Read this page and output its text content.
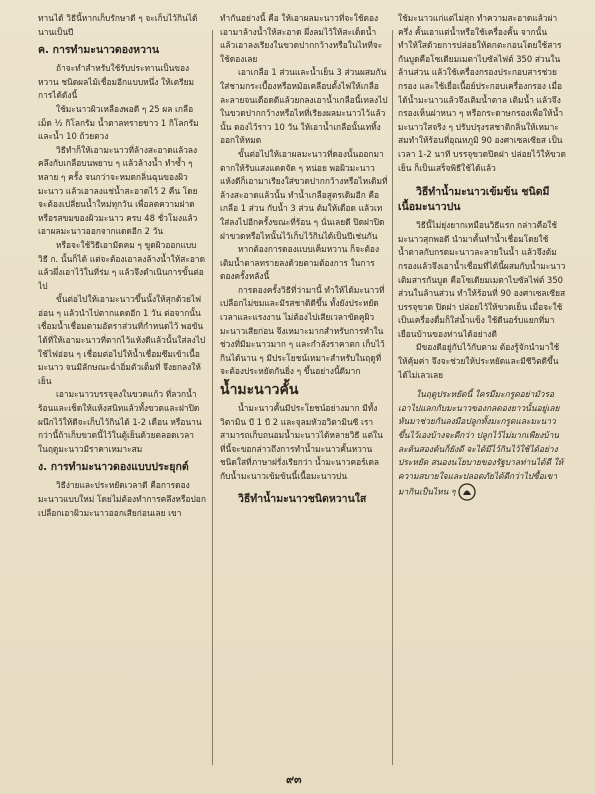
ทานได้ วิธีนี้หากเก็บรักษาดี ๆ จะเก็บไว้กินได้นานเป็นปี

ค. การทำมะนาวดองหวาน

ถ้าจะทำสำหรับใช้รับประทานเป็นของหวาน ชนิดผลไม้เชื่อมอีกแบบหนึ่ง ให้เตรียมการได้ดังนี้

ใช้มะนาวผิวเหลืองพอดี ๆ 25 ผล เกลือเม็ด ½ กิโลกรัม น้ำตาลทรายขาว 1 กิโลกรัม และน้ำ 10 ถ้วยตวง

วิธีทำก็ให้เอามะนาวที่ล้างสะอาดแล้วลงคลึงกับเกลือบนพยาบ ๆ แล้วล้างน้ำ ทำซ้ำ ๆ หลาย ๆ ครั้ง จนกว่าจะหมดกลิ่นฉุนของผิวมะนาว แล้วเอาลงแช่น้ำสะอาดไว้ 2 คืน โดยจะต้องเปลี่ยนน้ำใหม่ทุกวัน เพื่อลดความฝาดหรือรสขมของผิวมะนาว ครบ 48 ชั่วโมงแล้ว เอาผลมะนาวออกจากแดดอีก 2 วัน

หรือจะใช้วิธีเอามีดคม ๆ ขูดผิวออกแบบวิธี ก. นั้นก็ได้ แต่จะต้องเอาลงล้างน้ำให้สะอาด แล้วผึ่งเอาไว้ในที่ร่ม ๆ แล้วจึงดำเนินการขั้นต่อไป

ขั้นต่อไปให้เอามะนาวขึ้นนั้งให้สุกด้วยไฟอ่อน ๆ แล้วนำไปตากแดดอีก 1 วัน ต่อจากนั้นเชื่อมน้ำเชื่อมตามอัตราส่วนที่กำหนดไว้ พอขันได้ที่ให้เอามะนาวที่ตากไว้แห้งดีแล้วนั้นใส่ลงไป ใช้ไฟอ่อน ๆ เชื่อมต่อไปให้น้ำเชื่อมซึมเข้าเนื้อมะนาว จนมีลักษณะฉ่ำอิ่มตัวเต็มที่ จึงยกลงให้เย็น

เอามะนาวบรรจุลงในขวดแก้ว ที่ลวกน้ำร้อนและเช็ดให้แห้งสนิทแล้วทั้งขวดและฝาปิด ผนึกไว้ให้ดีจะเก็บไว้กินได้ 1-2 เดือน หรือนานกว่านี้ถ้าเก็บขวดนี้ไว้ในตู้เย็นด้วยตลอดเวลา ในฤดูมะนาวมีราคาเหมาะสม

ง. การทำมะนาวดองแบบประยุกต์

วิธีง่ายและประหยัดเวลาดี คือการดองมะนาวแบบใหม่ โดยไม่ต้องทำการคลึงหรือปอกเปลือกเอาผิวมะนาวออกเสียก่อนเลย เขา

ทำกันอย่างนี้ คือ ให้เอาผลมะนาวที่จะใช้ดองเอามาล้างน้ำให้สะอาด ผึ่งลมไว้ให้สะเด็ดน้ำ แล้วเอาลงเรียงในขวดปากกว้างหรือในไหที่จะใช้ดองเลย

เอาเกลือ 1 ส่วนและน้ำเย็น 3 ส่วนผสมกัน ใส่ชามกระเบื้องหรือหม้อเคลือบตั้งไฟให้เกลือละลายจนเดือดดีแล้วยกลงเอาน้ำเกลือนี้เทลงไปในขวดปากกว้างหรือไหที่เรียงผลมะนาวไว้แล้วนั้น ดองไว้ราว 10 วัน ให้เอาน้ำเกลือนั้นเททิ้งออกให้หมด

ขั้นต่อไปให้เอาผลมะนาวที่ดองนั้นออกมาตากให้รับแสงแดดจัด ๆ หน่อย พอผิวมะนาวแห้งดีก็เอามาเรียงใส่ขวดปากกว้างหรือไหเดิมที่ล้างสะอาดแล้วนั้น ทำน้ำเกลือสูตรเดิมอีก คือ เกลือ 1 ส่วน กับน้ำ 3 ส่วน ต้มให้เดือด แล้วเทใส่ลงไปอีกครั้งขณะที่ร้อน ๆ นั่นเลยดี ปิดฝาปิดฝาขวดหรือไหนั้นไว้เก็บไว้กินได้เป็นปีเช่นกัน

หากต้องการดองแบบเค็มหวาน ก็จะต้องเติมน้ำตาลทรายลงด้วยตามต้องการ ในการดองครั้งหลังนี้

การดองครั้งวิธีที่ว่ามานี้ ทำให้ได้มะนาวที่เปลือกไม่ขมและมีรสชาติดีขึ้น ทั้งยังประหยัดเวลาและแรงงาน ไม่ต้องไปเสียเวลาขัดคูผิวมะนาวเสียก่อน จึงเหมาะมากสำหรับการทำในช่วงที่มีมะนาวมาก ๆ และกำลังราคาตก เก็บไว้กินได้นาน ๆ มีประโยชน์เหมาะสำหรับในฤดูที่จะต้องประหยัดกันยิ่ง ๆ ขึ้นอย่างนี้ดีมาก

น้ำมะนาวคั้น

น้ำมะนาวคั้นมีประโยชน์อย่างมาก มีทั้งวิตามิน บี 1 บี 2 และจุลมหัวอวิตามินซี เราสามารถเก็บถนอมน้ำมะนาวได้หลายวิธี แต่ในที่นี้จะขอกล่าวถึงการทำน้ำมะนาวคั้นหวานชนิดใสที่ภาษาฝรั่งเรียกว่า น้ำมะนาวคอร์เดล กับน้ำมะนาวเข้มข้นนี้เนื้อมะนาวปน

วิธีทำน้ำมะนาวชนิดหวานใส

ใช้มะนาวแก่แต่ไม่สุก ทำความสะอาดแล้วผ่าครึ่ง คั้นเอาแต่น้ำหรือใช้เครื่องคั้น จากนั้นทำให้ใสด้วยการปล่อยให้ตกตะกอนโดยใช้สารกันบูดคือโซเดียมเมตาไบซัลไฟต์ 350 ส่วนในล้านส่วน แล้วใช้เครื่องกรองประกอบสารช่วยกรอง และใช้เยื่อเนื้อย์ประกอบเครื่องกรอง เมื่อได้น้ำมะนาวแล้วจึงเติมน้ำตาล เติมน้ำ แล้วจึงกรองเห็นฝาหนา ๆ หรือกระดาษกรองเพื่อให้น้ำมะนาวใสจริง ๆ ปรับปรุงรสชาติกลิ่นให้เหมาะสมทำให้ร้อนที่อุณหภูมิ 90 องศาเซลเซียส เป็นเวลา 1-2 นาที บรรจุขวดปิดฝา ปล่อยไว้ให้ขวดเย็น ก็เป็นเสร็จพิธีใช้ได้แล้ว

วิธีทำน้ำมะนาวเข้มข้น ชนิดมีเนื้อมะนาวปน

วิธีนี้ไม่ยุ่งยากเหมือนวิธีแรก กล่าวคือใช้มะนาวสุกพอดี นำมาคั้นทำน้ำเชื่อมโดยใช้น้ำตาลกับกรดมะนาวละลายในน้ำ แล้วจึงต้ม กรองแล้วจึงเอาน้ำเชื่อมที่ได้นี้ผสมกับน้ำมะนาว เติมสารกันบูด คือโซเดียมเมตาไบซัลไฟต์ 350 ส่วนในล้านส่วน ทำให้ร้อนที่ 90 องศาเซลเซียส บรรจุขวด ปิดฝา ปล่อยไว้ให้ขวดเย็น เมื่อจะใช้เป็นเครื่องดื่มก็ใส่น้ำแข็ง ใช้ดีนอร์บแยกที่มาเยือนบ้านของท่านได้อย่างดี

มีของดีอยู่กับไว้กับตาม ต้องรู้จักนำมาใช้ให้คุ้มค่า จึงจะช่วยให้ประหยัดและมีชีวิตดีขึ้นได้ไม่เลวเลย

ในฤดูประหยัดนี้ ใครมีมะกรูดอย่ามัวรอเอาไปแลกกับมะนาวของกลดองยาวนั้นอยู่เลย หันมาช่วยกันลงมือปลูกทั้งมะกรูดและมะนาวขึ้นไว้เองบ้างจะดีกว่า ปลูกไว้ไม่มากเพียงบ้านละต้นสองต้นก็ยังดี จะได้มีไว้กินไว้ใช้ได้อย่างประหยัด สนองนโยบายของรัฐบาลท่านได้ดี ให้ความสบายใจและปลอดภัยได้ดีกว่าไปซื้อเขามากินเป็นไหน ๆ

๙๓
